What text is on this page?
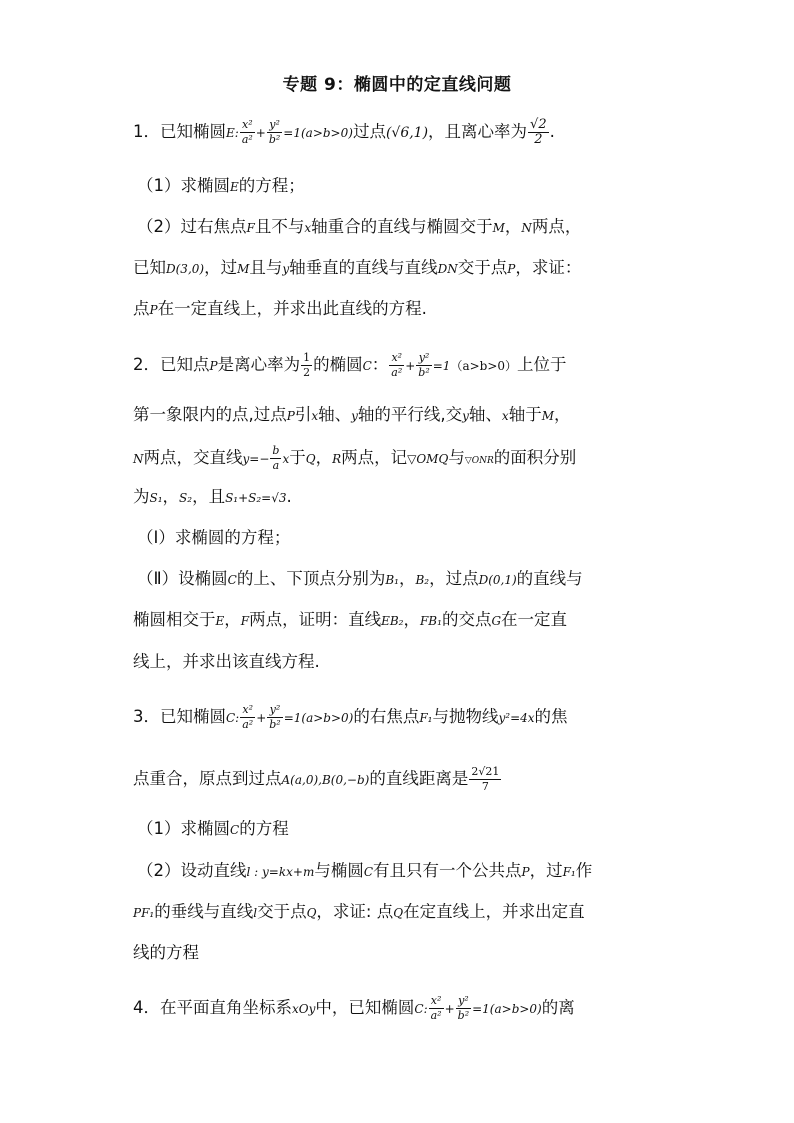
专题 9：椭圆中的定直线问题
1．已知椭圆E: $\frac{\text{x²}}{\text{a²}} + \frac{\text{y²}}{\text{b²}} =1(a>b>0)$过点(√6,1)，且离心率为 $\frac{√2}{2}$ .
（1）求椭圆E的方程；
（2）过右焦点F且不与x轴重合的直线与椭圆交于M，N两点，
已知D(3,0)，过M且与y轴垂直的直线与直线DN交于点P，求证：
点P在一定直线上，并求出此直线的方程.
2．已知点P是离心率为 $\frac{1}{2}$ 的椭圆C： $\frac{\text{x²}}{\text{a²}} + \frac{\text{y²}}{\text{b²}} =1(a>b>0)$上位于
第一象限内的点,过点P引x轴、y轴的平行线,交y轴、x轴于M，
N两点，交直线$y=- \frac{b}{a}$ x于Q，R两点，记▽OMQ与▽ONR的面积分别
为S₁，S₂，且S₁+S₂=√3.
（Ⅰ）求椭圆的方程；
（Ⅱ）设椭圆C的上、下顶点分别为B₁，B₂，过点D(0,1)的直线与
椭圆相交于E，F两点，证明：直线EB₂，FB₁的交点G在一定直
线上，并求出该直线方程.
3．已知椭圆C: $\frac{\text{x²}}{\text{a²}} + \frac{\text{y²}}{\text{b²}} =1(a>b>0)$的右焦点F₁与抛物线y²=4x的焦
点重合，原点到过点A(a,0),B(0,−b)的直线距离是 $\frac{2√21}{7}$
（1）求椭圆C的方程
（2）设动直线l : y=kx+m与椭圆C有且只有一个公共点P，过F₁作
PF₁的垂线与直线l交于点Q，求证: 点Q在定直线上，并求出定直
线的方程
4．在平面直角坐标系xOy中，已知椭圆C: $\frac{\text{x²}}{\text{a²}} + \frac{\text{y²}}{\text{b²}} =1(a>b>0)$的离
